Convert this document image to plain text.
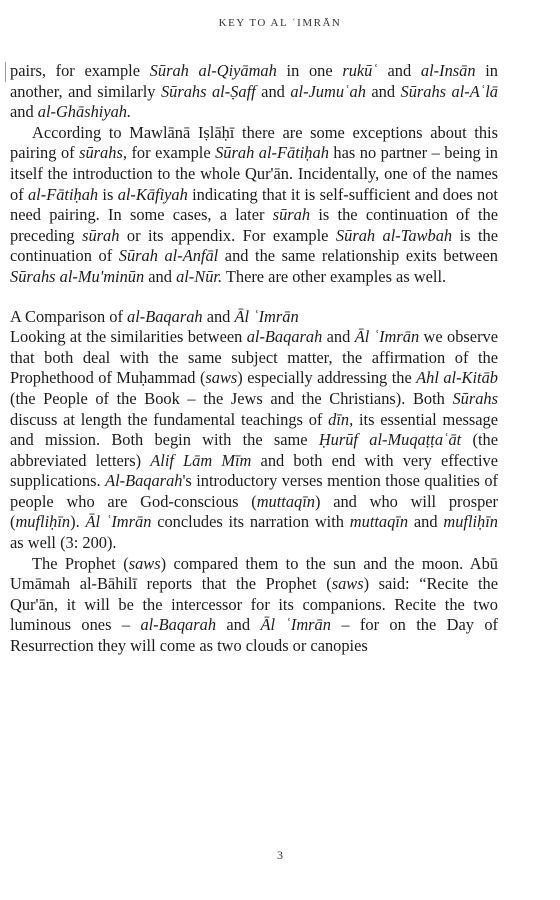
KEY TO AL ʿIMRĀN

pairs, for example Sūrah al-Qiyāmah in one rukūʿ and al-Insān in another, and similarly Sūrahs al-Ṣaff and al-Jumuʿah and Sūrahs al-Aʿlā and al-Ghāshiyah.

According to Mawlānā Iṣlāḥī there are some exceptions about this pairing of sūrahs, for example Sūrah al-Fātiḥah has no partner – being in itself the introduction to the whole Qur'ān. Incidentally, one of the names of al-Fātiḥah is al-Kāfiyah indicating that it is self-sufficient and does not need pairing. In some cases, a later sūrah is the continuation of the preceding sūrah or its appendix. For example Sūrah al-Tawbah is the continuation of Sūrah al-Anfāl and the same relationship exits between Sūrahs al-Mu'minūn and al-Nūr. There are other examples as well.

A Comparison of al-Baqarah and Āl ʿImrān

Looking at the similarities between al-Baqarah and Āl ʿImrān we observe that both deal with the same subject matter, the affirmation of the Prophethood of Muḥammad (saws) especially addressing the Ahl al-Kitāb (the People of the Book – the Jews and the Christians). Both Sūrahs discuss at length the fundamental teachings of dīn, its essential message and mission. Both begin with the same Ḥurūf al-Muqaṭṭaʿāt (the abbreviated letters) Alif Lām Mīm and both end with very effective supplications. Al-Baqarah's introductory verses mention those qualities of people who are God-conscious (muttaqīn) and who will prosper (mufliḥīn). Āl ʿImrān concludes its narration with muttaqīn and mufliḥīn as well (3: 200).

The Prophet (saws) compared them to the sun and the moon. Abū Umāmah al-Bāhilī reports that the Prophet (saws) said: “Recite the Qur'ān, it will be the intercessor for its companions. Recite the two luminous ones – al-Baqarah and Āl ʿImrān – for on the Day of Resurrection they will come as two clouds or canopies

3
